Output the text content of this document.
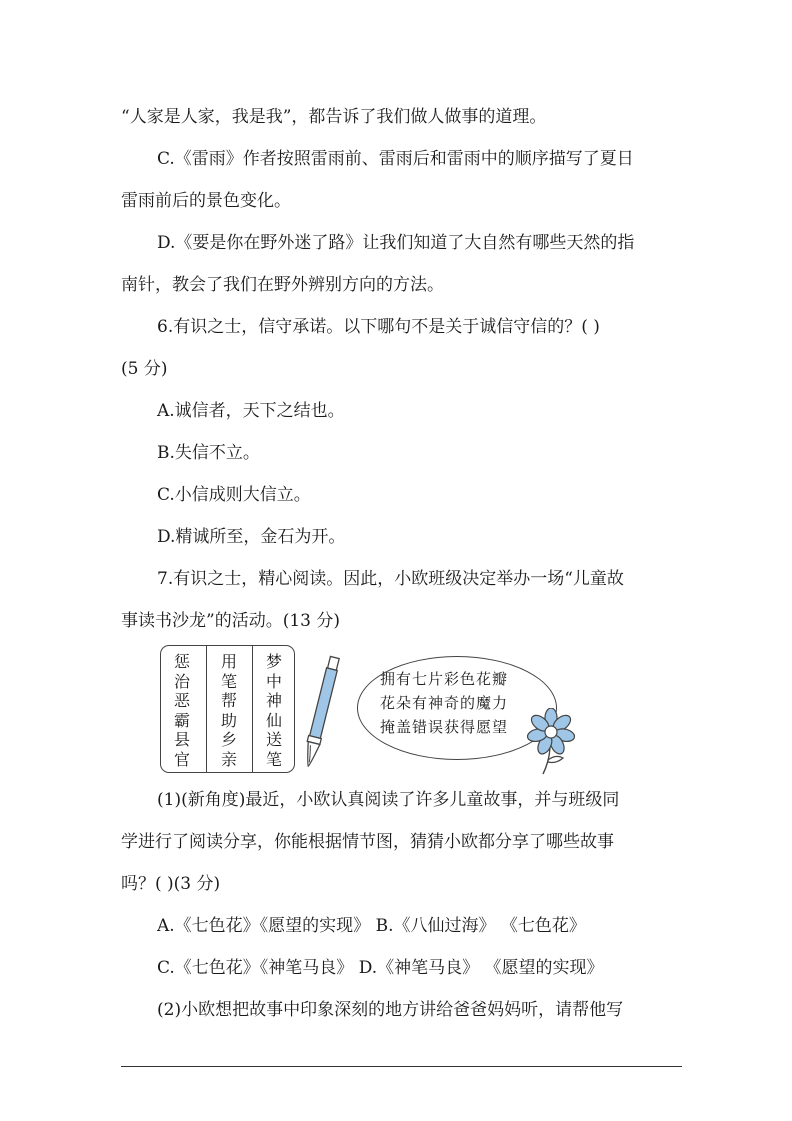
“人家是人家，我是我”，都告诉了我们做人做事的道理。
C.《雷雨》作者按照雷雨前、雷雨后和雷雨中的顺序描写了夏日
雷雨前后的景色变化。
D.《要是你在野外迷了路》让我们知道了大自然有哪些天然的指
南针，教会了我们在野外辨别方向的方法。
6.有识之士，信守承诺。以下哪句不是关于诚信守信的？( )
(5 分)
A.诚信者，天下之结也。
B.失信不立。
C.小信成则大信立。
D.精诚所至，金石为开。
7.有识之士，精心阅读。因此，小欧班级决定举办一场“儿童故
事读书沙龙”的活动。(13 分)
惩
治
恶
霸
县
官
用
笔
帮
助
乡
亲
梦
中
神
仙
送
笔
拥有七片彩色花瓣
花朵有神奇的魔力
掩盖错误获得愿望
(1)(新角度)最近，小欧认真阅读了许多儿童故事，并与班级同
学进行了阅读分享，你能根据情节图，猜猜小欧都分享了哪些故事
吗？( )(3 分)
A.《七色花》《愿望的实现》 B.《八仙过海》 《七色花》
C.《七色花》《神笔马良》 D.《神笔马良》 《愿望的实现》
(2)小欧想把故事中印象深刻的地方讲给爸爸妈妈听，请帮他写
